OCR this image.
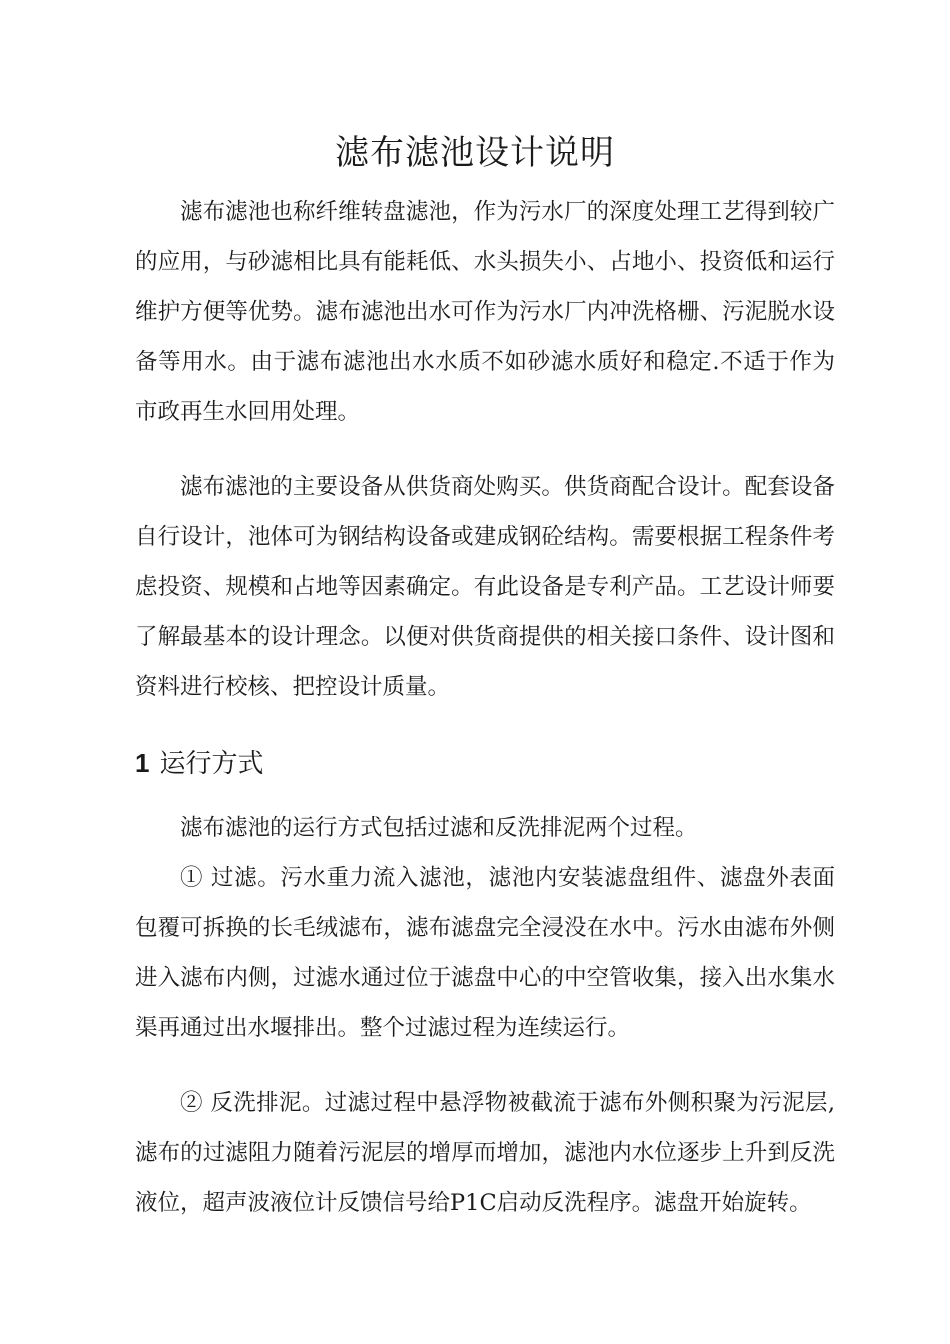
滤布滤池设计说明

滤布滤池也称纤维转盘滤池，作为污水厂的深度处理工艺得到较广的应用，与砂滤相比具有能耗低、水头损失小、占地小、投资低和运行维护方便等优势。滤布滤池出水可作为污水厂内冲洗格栅、污泥脱水设备等用水。由于滤布滤池出水水质不如砂滤水质好和稳定.不适于作为市政再生水回用处理。

滤布滤池的主要设备从供货商处购买。供货商配合设计。配套设备自行设计，池体可为钢结构设备或建成钢砼结构。需要根据工程条件考虑投资、规模和占地等因素确定。有此设备是专利产品。工艺设计师要了解最基本的设计理念。以便对供货商提供的相关接口条件、设计图和资料进行校核、把控设计质量。

1 运行方式

滤布滤池的运行方式包括过滤和反洗排泥两个过程。

① 过滤。污水重力流入滤池，滤池内安装滤盘组件、滤盘外表面包覆可拆换的长毛绒滤布，滤布滤盘完全浸没在水中。污水由滤布外侧进入滤布内侧，过滤水通过位于滤盘中心的中空管收集，接入出水集水渠再通过出水堰排出。整个过滤过程为连续运行。

② 反洗排泥。过滤过程中悬浮物被截流于滤布外侧积聚为污泥层,滤布的过滤阻力随着污泥层的增厚而增加，滤池内水位逐步上升到反洗液位，超声波液位计反馈信号给P1C启动反洗程序。滤盘开始旋转。
